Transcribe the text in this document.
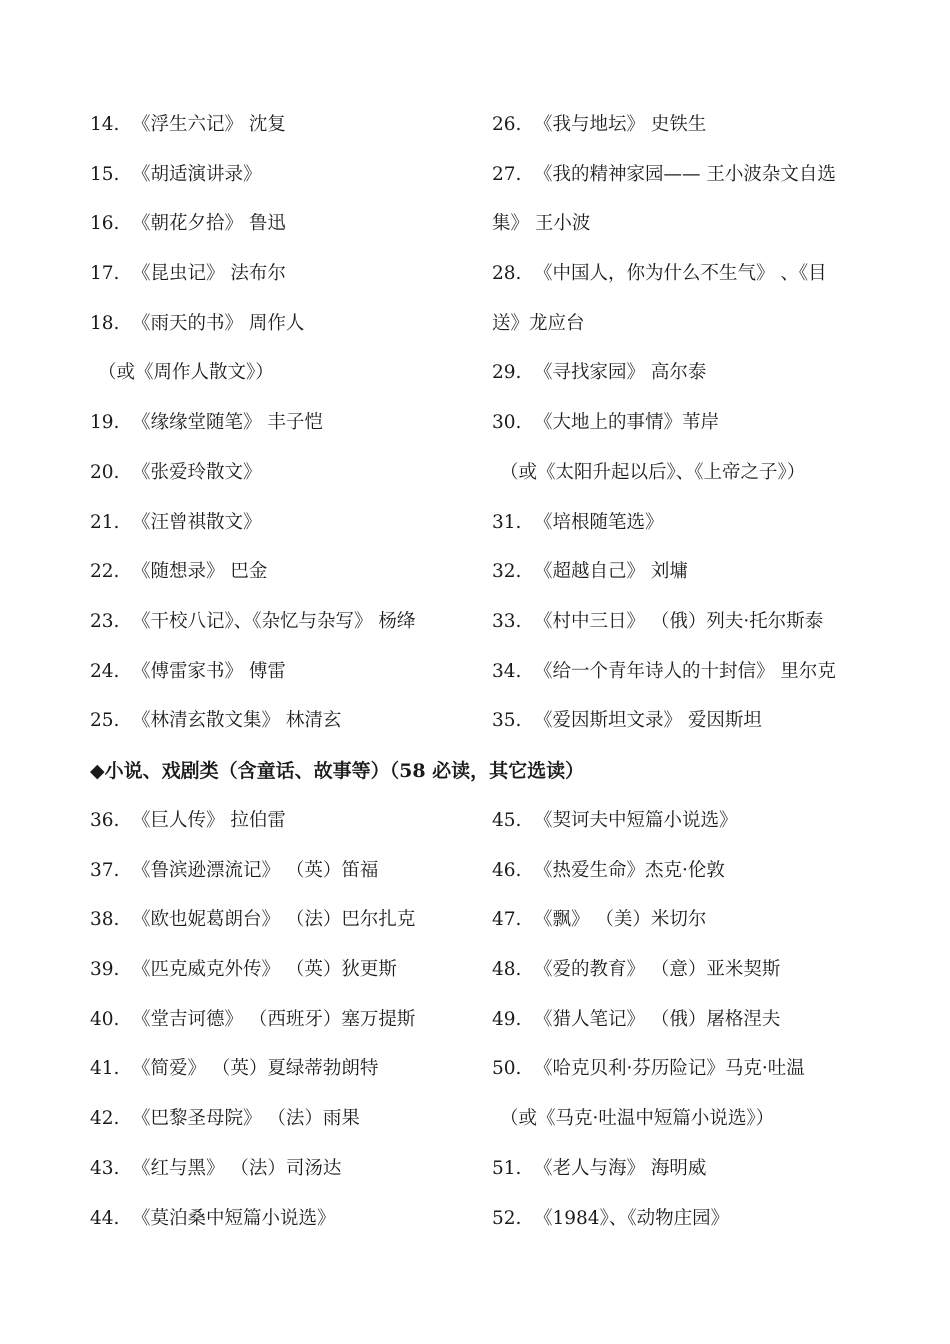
14. 《浮生六记》 沈复
15. 《胡适演讲录》
16. 《朝花夕拾》 鲁迅
17. 《昆虫记》 法布尔
18. 《雨天的书》 周作人
（或《周作人散文》）
19. 《缘缘堂随笔》 丰子恺
20. 《张爱玲散文》
21. 《汪曾祺散文》
22. 《随想录》 巴金
23. 《干校八记》、《杂忆与杂写》 杨绛
24. 《傅雷家书》 傅雷
25. 《林清玄散文集》 林清玄
26. 《我与地坛》 史铁生
27. 《我的精神家园—— 王小波杂文自选
集》 王小波
28. 《中国人，你为什么不生气》 、《目
送》龙应台
29. 《寻找家园》 高尔泰
30. 《大地上的事情》苇岸
（或《太阳升起以后》、《上帝之子》）
31. 《培根随笔选》
32. 《超越自己》 刘墉
33. 《村中三日》 （俄）列夫·托尔斯泰
34. 《给一个青年诗人的十封信》 里尔克
35. 《爱因斯坦文录》 爱因斯坦
◆小说、戏剧类（含童话、故事等）（58 必读，其它选读）
36. 《巨人传》 拉伯雷
37. 《鲁滨逊漂流记》 （英）笛福
38. 《欧也妮葛朗台》 （法）巴尔扎克
39. 《匹克威克外传》 （英）狄更斯
40. 《堂吉诃德》 （西班牙）塞万提斯
41. 《简爱》 （英）夏绿蒂勃朗特
42. 《巴黎圣母院》 （法）雨果
43. 《红与黑》 （法）司汤达
44. 《莫泊桑中短篇小说选》
45. 《契诃夫中短篇小说选》
46. 《热爱生命》杰克·伦敦
47. 《飘》 （美）米切尔
48. 《爱的教育》 （意）亚米契斯
49. 《猎人笔记》 （俄）屠格涅夫
50. 《哈克贝利·芬历险记》马克·吐温
（或《马克·吐温中短篇小说选》）
51. 《老人与海》 海明威
52. 《1984》、《动物庄园》
